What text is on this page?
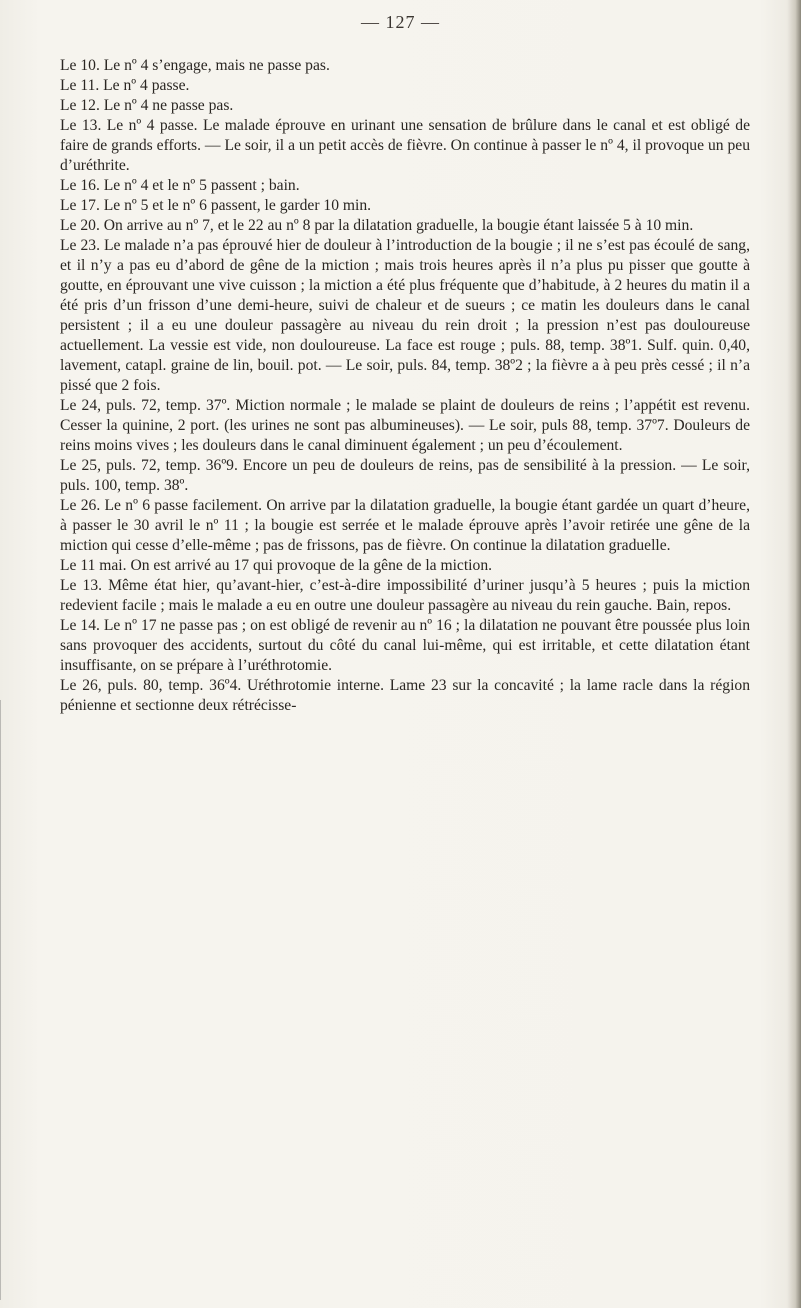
— 127 —

Le 10. Le nº 4 s’engage, mais ne passe pas.

Le 11. Le nº 4 passe.

Le 12. Le nº 4 ne passe pas.

Le 13. Le nº 4 passe. Le malade éprouve en urinant une sensation de brûlure dans le canal et est obligé de faire de grands efforts. — Le soir, il a un petit accès de fièvre. On continue à passer le nº 4, il provoque un peu d’uréthrite.

Le 16. Le nº 4 et le nº 5 passent ; bain.

Le 17. Le nº 5 et le nº 6 passent, le garder 10 min.

Le 20. On arrive au nº 7, et le 22 au nº 8 par la dilatation graduelle, la bougie étant laissée 5 à 10 min.

Le 23. Le malade n’a pas éprouvé hier de douleur à l’introduction de la bougie ; il ne s’est pas écoulé de sang, et il n’y a pas eu d’abord de gêne de la miction ; mais trois heures après il n’a plus pu pisser que goutte à goutte, en éprouvant une vive cuisson ; la miction a été plus fréquente que d’habitude, à 2 heures du matin il a été pris d’un frisson d’une demi-heure, suivi de chaleur et de sueurs ; ce matin les douleurs dans le canal persistent ; il a eu une douleur passagère au niveau du rein droit ; la pression n’est pas douloureuse actuellement. La vessie est vide, non douloureuse. La face est rouge ; puls. 88, temp. 38º1. Sulf. quin. 0,40, lavement, catapl. graine de lin, bouil. pot. — Le soir, puls. 84, temp. 38º2 ; la fièvre a à peu près cessé ; il n’a pissé que 2 fois.

Le 24, puls. 72, temp. 37º. Miction normale ; le malade se plaint de douleurs de reins ; l’appétit est revenu. Cesser la quinine, 2 port. (les urines ne sont pas albumineuses). — Le soir, puls 88, temp. 37º7. Douleurs de reins moins vives ; les douleurs dans le canal diminuent également ; un peu d’écoulement.

Le 25, puls. 72, temp. 36º9. Encore un peu de douleurs de reins, pas de sensibilité à la pression. — Le soir, puls. 100, temp. 38º.

Le 26. Le nº 6 passe facilement. On arrive par la dilatation graduelle, la bougie étant gardée un quart d’heure, à passer le 30 avril le nº 11 ; la bougie est serrée et le malade éprouve après l’avoir retirée une gêne de la miction qui cesse d’elle-même ; pas de frissons, pas de fièvre. On continue la dilatation graduelle.

Le 11 mai. On est arrivé au 17 qui provoque de la gêne de la miction.

Le 13. Même état hier, qu’avant-hier, c’est-à-dire impossibilité d’uriner jusqu’à 5 heures ; puis la miction redevient facile ; mais le malade a eu en outre une douleur passagère au niveau du rein gauche. Bain, repos.

Le 14. Le nº 17 ne passe pas ; on est obligé de revenir au nº 16 ; la dilatation ne pouvant être poussée plus loin sans provoquer des accidents, surtout du côté du canal lui-même, qui est irritable, et cette dilatation étant insuffisante, on se prépare à l’uréthrotomie.

Le 26, puls. 80, temp. 36º4. Uréthrotomie interne. Lame 23 sur la concavité ; la lame racle dans la région pénienne et sectionne deux rétrécisse-
